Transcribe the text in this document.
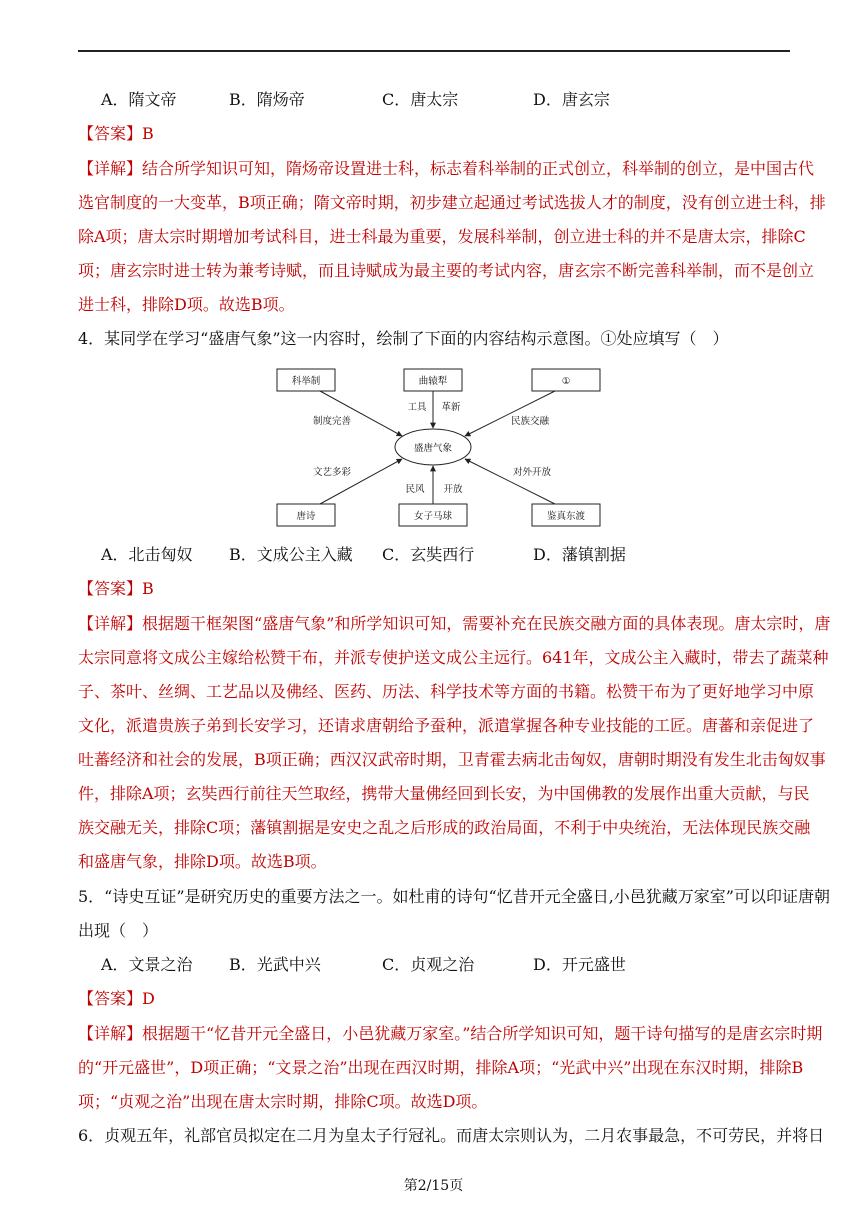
A．隋文帝	B．隋炀帝	C．唐太宗	D．唐玄宗
【答案】B
【详解】结合所学知识可知，隋炀帝设置进士科，标志着科举制的正式创立，科举制的创立，是中国古代
选官制度的一大变革，B项正确；隋文帝时期，初步建立起通过考试选拔人才的制度，没有创立进士科，排
除A项；唐太宗时期增加考试科目，进士科最为重要，发展科举制，创立进士科的并不是唐太宗，排除C
项；唐玄宗时进士转为兼考诗赋，而且诗赋成为最主要的考试内容，唐玄宗不断完善科举制，而不是创立
进士科，排除D项。故选B项。
4．某同学在学习“盛唐气象”这一内容时，绘制了下面的内容结构示意图。①处应填写（　）
科举制	曲辕犁	①
唐诗	女子马球	鉴真东渡
盛唐气象
制度完善
工具 革新
民族交融
文艺多彩
民风 开放
对外开放
A．北击匈奴 B．文成公主入藏 C．玄奘西行	D．藩镇割据
【答案】B
【详解】根据题干框架图“盛唐气象”和所学知识可知，需要补充在民族交融方面的具体表现。唐太宗时，唐
太宗同意将文成公主嫁给松赞干布，并派专使护送文成公主远行。641年，文成公主入藏时，带去了蔬菜种
子、茶叶、丝绸、工艺品以及佛经、医药、历法、科学技术等方面的书籍。松赞干布为了更好地学习中原
文化，派遣贵族子弟到长安学习，还请求唐朝给予蚕种，派遣掌握各种专业技能的工匠。唐蕃和亲促进了
吐蕃经济和社会的发展，B项正确；西汉汉武帝时期，卫青霍去病北击匈奴，唐朝时期没有发生北击匈奴事
件，排除A项；玄奘西行前往天竺取经，携带大量佛经回到长安，为中国佛教的发展作出重大贡献，与民
族交融无关，排除C项；藩镇割据是安史之乱之后形成的政治局面，不利于中央统治，无法体现民族交融
和盛唐气象，排除D项。故选B项。
5．“诗史互证”是研究历史的重要方法之一。如杜甫的诗句“忆昔开元全盛日,小邑犹藏万家室”可以印证唐朝
出现（　）
A．文景之治 B．光武中兴	C．贞观之治	D．开元盛世
【答案】D
【详解】根据题干“忆昔开元全盛日，小邑犹藏万家室。”结合所学知识可知，题干诗句描写的是唐玄宗时期
的“开元盛世”，D项正确；“文景之治”出现在西汉时期，排除A项；“光武中兴”出现在东汉时期，排除B
项；“贞观之治”出现在唐太宗时期，排除C项。故选D项。
6．贞观五年，礼部官员拟定在二月为皇太子行冠礼。而唐太宗则认为，二月农事最急，不可劳民，并将日
第2/15页
